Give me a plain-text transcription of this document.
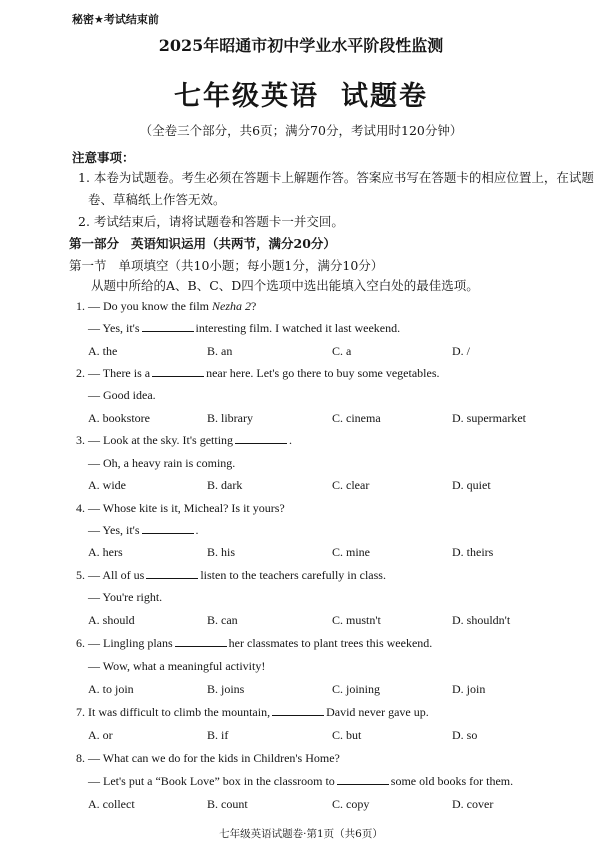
秘密★考试结束前
2025年昭通市初中学业水平阶段性监测
七年级英语 试题卷
（全卷三个部分，共6页；满分70分，考试用时120分钟）
注意事项：
1. 本卷为试题卷。考生必须在答题卡上解题作答。答案应书写在答题卡的相应位置上，在试题
卷、草稿纸上作答无效。
2. 考试结束后，请将试题卷和答题卡一并交回。
第一部分 英语知识运用（共两节，满分20分）
第一节 单项填空（共10小题；每小题1分，满分10分）
从题中所给的A、B、C、D四个选项中选出能填入空白处的最佳选项。
1. — Do you know the film Nezha 2?
— Yes, it's	interesting film. I watched it last weekend.
A. the	B. an	C. a	D. /
2. — There is a	near here. Let's go there to buy some vegetables.
— Good idea.
A. bookstore	B. library	C. cinema	D. supermarket
3. — Look at the sky. It's getting	.
— Oh, a heavy rain is coming.
A. wide	B. dark	C. clear	D. quiet
4. — Whose kite is it, Micheal? Is it yours?
— Yes, it's	.
A. hers	B. his	C. mine	D. theirs
5. — All of us	listen to the teachers carefully in class.
— You're right.
A. should	B. can	C. mustn't	D. shouldn't
6. — Lingling plans	her classmates to plant trees this weekend.
— Wow, what a meaningful activity!
A. to join	B. joins	C. joining	D. join
7. It was difficult to climb the mountain,	David never gave up.
A. or	B. if	C. but	D. so
8. — What can we do for the kids in Children's Home?
— Let's put a “Book Love” box in the classroom to	some old books for them.
A. collect	B. count	C. copy	D. cover
七年级英语试题卷·第1页（共6页）
